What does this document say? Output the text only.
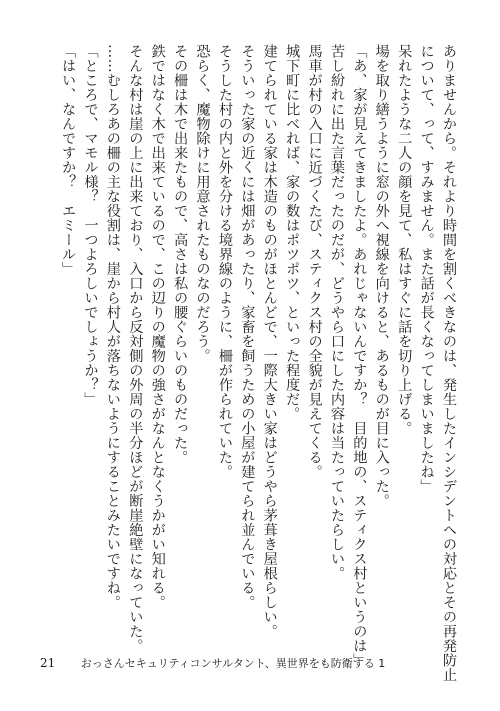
ありませんから。それより時間を割くべきなのは、発生したインシデントへの対応とその再発防止
について、って、すみません。また話が長くなってしまいましたね」
呆れたような二人の顔を見て、私はすぐに話を切り上げる。
場を取り繕うように窓の外へ視線を向けると、あるものが目に入った。
「あ、家が見えてきましたよ。あれじゃないんですか？　目的地の、スティクス村というのは」
苦し紛れに出た言葉だったのだが、どうやら口にした内容は当たっていたらしい。
馬車が村の入口に近づくたび、スティクス村の全貌が見えてくる。
城下町に比べれば、家の数はポツポツ、といった程度だ。
建てられている家は木造のものがほとんどで、一際大きい家はどうやら茅葺き屋根らしい。
そういった家の近くには畑があったり、家畜を飼うための小屋が建てられ並んでいる。
そうした村の内と外を分ける境界線のように、柵が作られていた。
恐らく、魔物除けに用意されたものなのだろう。
その柵は木で出来たもので、高さは私の腰ぐらいのものだった。
鉄ではなく木で出来ているので、この辺りの魔物の強さがなんとなくうかがい知れる。
そんな村は崖の上に出来ており、入口から反対側の外周の半分ほどが断崖絶壁になっていた。
……むしろあの柵の主な役割は、崖から村人が落ちないようにすることみたいですね。
「ところで、マモル様？　一つよろしいでしょうか？」
「はい、なんですか？　エミール」
21 おっさんセキュリティコンサルタント、異世界をも防衛する 1
